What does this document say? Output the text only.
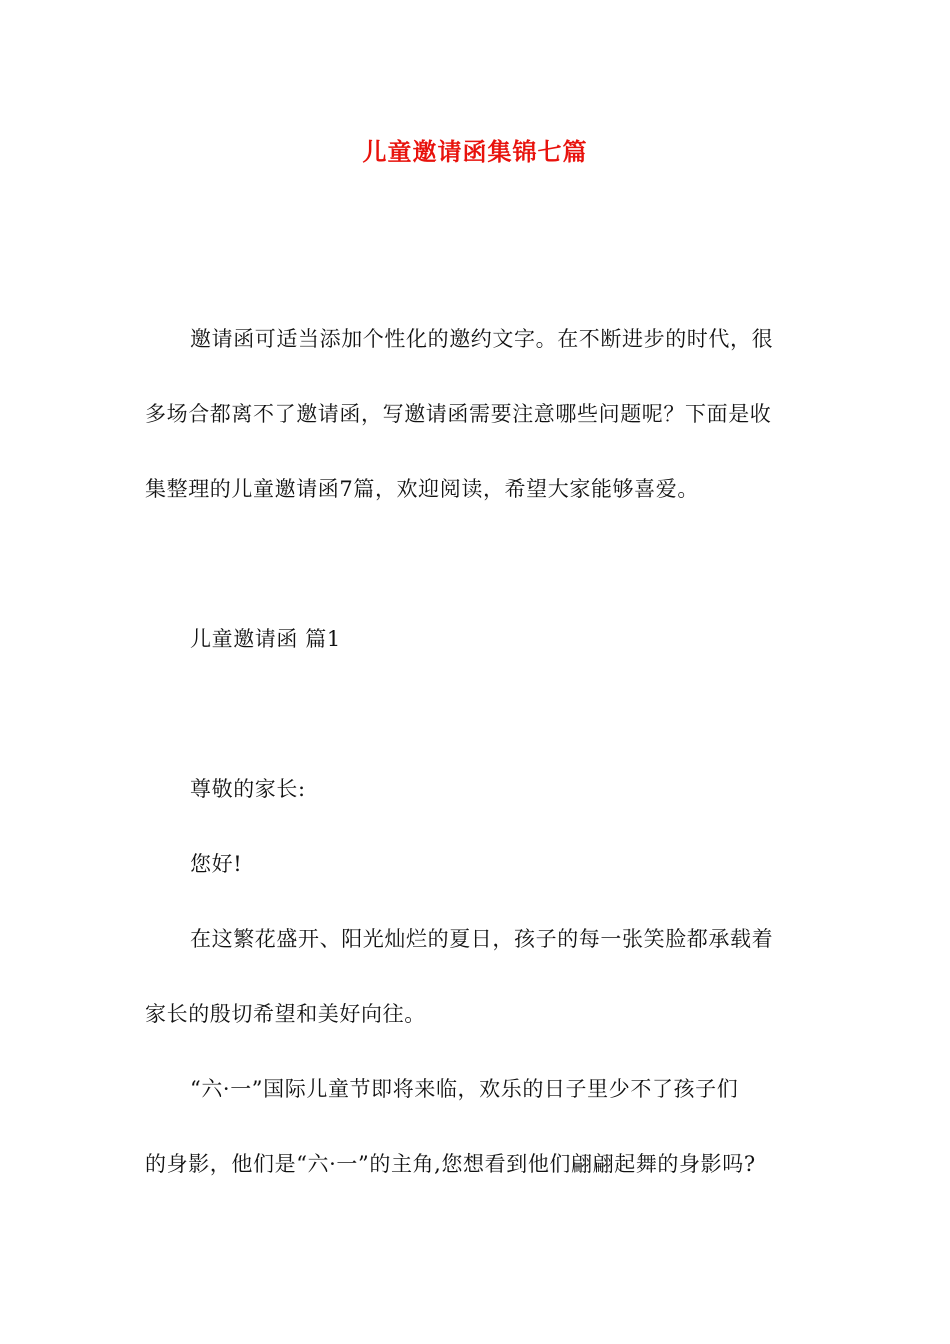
儿童邀请函集锦七篇
邀请函可适当添加个性化的邀约文字。在不断进步的时代，很
多场合都离不了邀请函，写邀请函需要注意哪些问题呢？下面是收
集整理的儿童邀请函7篇，欢迎阅读，希望大家能够喜爱。
儿童邀请函 篇1
尊敬的家长:
您好!
在这繁花盛开、阳光灿烂的夏日，孩子的每一张笑脸都承载着
家长的殷切希望和美好向往。
“六·一”国际儿童节即将来临，欢乐的日子里少不了孩子们
的身影，他们是“六·一”的主角,您想看到他们翩翩起舞的身影吗?
